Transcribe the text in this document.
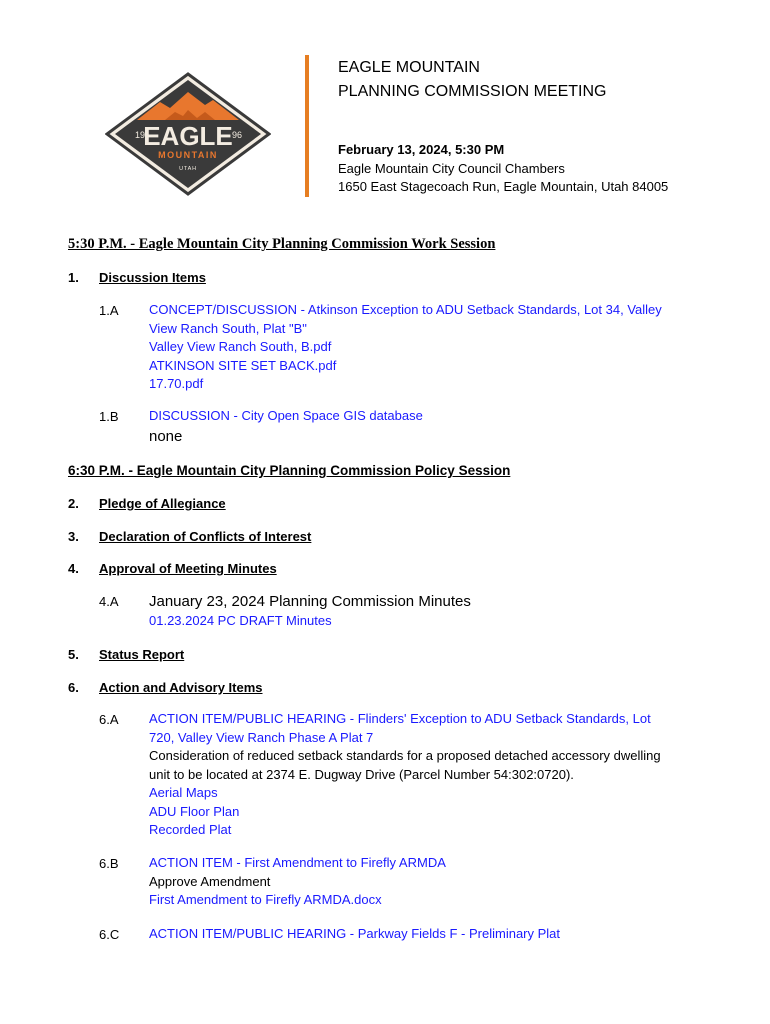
19	96
EAGLE
MOUNTAIN
UTAH
EAGLE MOUNTAIN
PLANNING COMMISSION MEETING
February 13, 2024, 5:30 PM
Eagle Mountain City Council Chambers
1650 East Stagecoach Run, Eagle Mountain, Utah 84005
5:30 P.M. - Eagle Mountain City Planning Commission Work Session
1. Discussion Items
1.A CONCEPT/DISCUSSION - Atkinson Exception to ADU Setback Standards, Lot 34, Valley
View Ranch South, Plat "B"
Valley View Ranch South, B.pdf
ATKINSON SITE SET BACK.pdf
17.70.pdf
1.B DISCUSSION - City Open Space GIS database
none
6:30 P.M. - Eagle Mountain City Planning Commission Policy Session
2. Pledge of Allegiance
3. Declaration of Conflicts of Interest
4. Approval of Meeting Minutes
4.A January 23, 2024 Planning Commission Minutes
01.23.2024 PC DRAFT Minutes
5. Status Report
6. Action and Advisory Items
6.A ACTION ITEM/PUBLIC HEARING - Flinders' Exception to ADU Setback Standards, Lot
720, Valley View Ranch Phase A Plat 7
Consideration of reduced setback standards for a proposed detached accessory dwelling
unit to be located at 2374 E. Dugway Drive (Parcel Number 54:302:0720).
Aerial Maps
ADU Floor Plan
Recorded Plat
6.B ACTION ITEM - First Amendment to Firefly ARMDA
Approve Amendment
First Amendment to Firefly ARMDA.docx
6.C ACTION ITEM/PUBLIC HEARING - Parkway Fields F - Preliminary Plat
